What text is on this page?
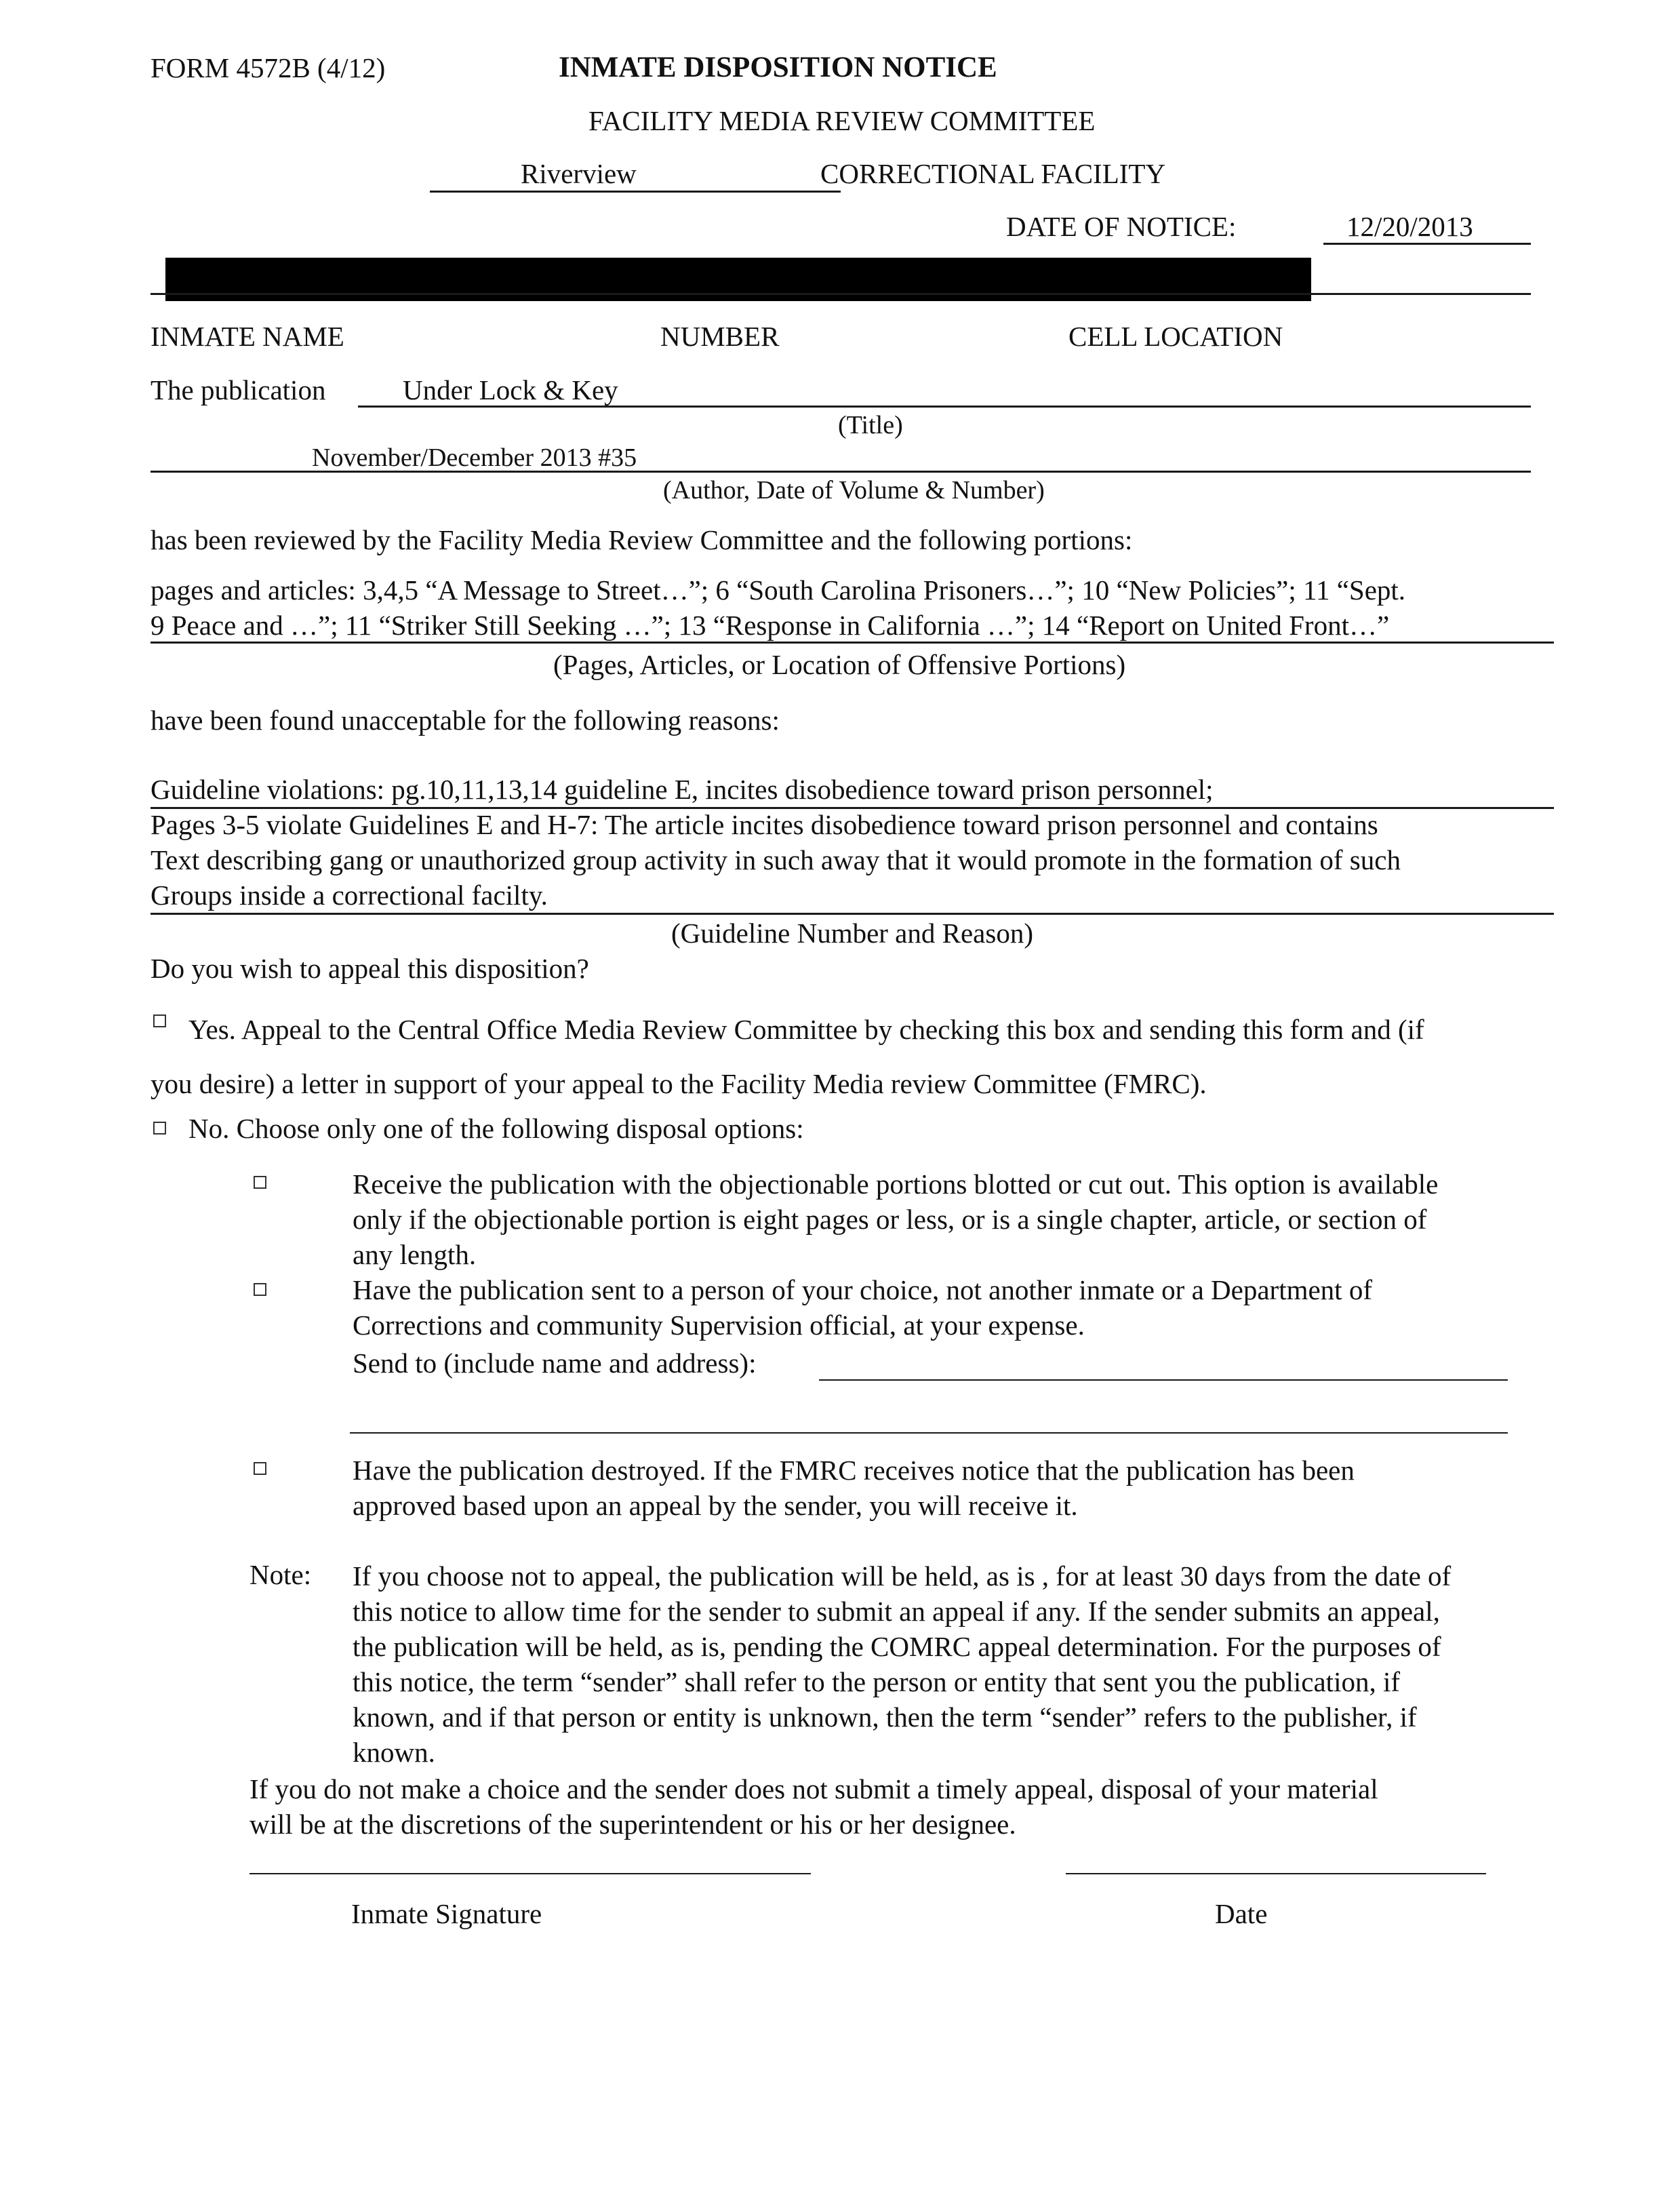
FORM 4572B (4/12)	INMATE DISPOSITION NOTICE
FACILITY MEDIA REVIEW COMMITTEE
Riverview	CORRECTIONAL FACILITY
DATE OF NOTICE:	12/20/2013
INMATE NAME	NUMBER	CELL LOCATION
The publication	Under Lock & Key
(Title)
November/December 2013 #35
(Author, Date of Volume & Number)
has been reviewed by the Facility Media Review Committee and the following portions:
pages and articles: 3,4,5 “A Message to Street…”; 6 “South Carolina Prisoners…”; 10 “New Policies”; 11 “Sept.
9 Peace and …”; 11 “Striker Still Seeking …”; 13 “Response in California …”; 14 “Report on United Front…”
(Pages, Articles, or Location of Offensive Portions)
have been found unacceptable for the following reasons:
Guideline violations: pg.10,11,13,14 guideline E, incites disobedience toward prison personnel;
Pages 3-5 violate Guidelines E and H-7: The article incites disobedience toward prison personnel and contains
Text describing gang or unauthorized group activity in such away that it would promote in the formation of such
Groups inside a correctional facilty.
(Guideline Number and Reason)
Do you wish to appeal this disposition?
Yes. Appeal to the Central Office Media Review Committee by checking this box and sending this form and (if
you desire) a letter in support of your appeal to the Facility Media review Committee (FMRC).
No. Choose only one of the following disposal options:
Receive the publication with the objectionable portions blotted or cut out. This option is available
only if the objectionable portion is eight pages or less, or is a single chapter, article, or section of
any length.
Have the publication sent to a person of your choice, not another inmate or a Department of
Corrections and community Supervision official, at your expense.
Send to (include name and address):
Have the publication destroyed. If the FMRC receives notice that the publication has been
approved based upon an appeal by the sender, you will receive it.
Note: If you choose not to appeal, the publication will be held, as is , for at least 30 days from the date of
this notice to allow time for the sender to submit an appeal if any. If the sender submits an appeal,
the publication will be held, as is, pending the COMRC appeal determination. For the purposes of
this notice, the term “sender” shall refer to the person or entity that sent you the publication, if
known, and if that person or entity is unknown, then the term “sender” refers to the publisher, if
known.
If you do not make a choice and the sender does not submit a timely appeal, disposal of your material
will be at the discretions of the superintendent or his or her designee.
Inmate Signature	Date
